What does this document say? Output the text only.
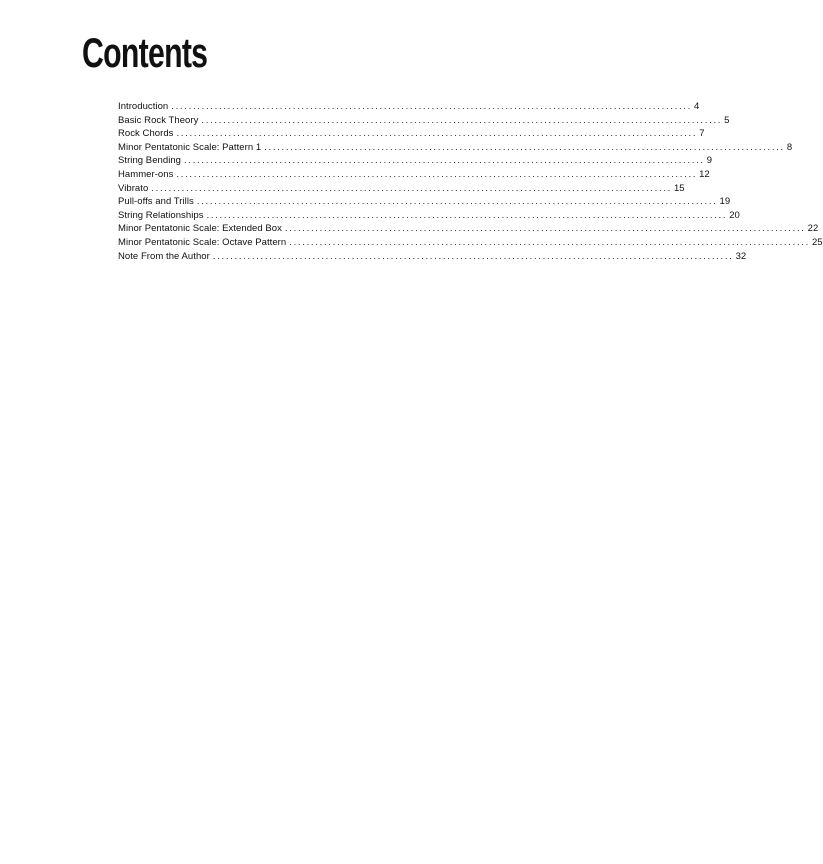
Contents
Introduction ........................................................................................................................ 4
Basic Rock Theory ........................................................................................................................ 5
Rock Chords ........................................................................................................................ 7
Minor Pentatonic Scale: Pattern 1 ........................................................................................................................ 8
String Bending ........................................................................................................................ 9
Hammer-ons ........................................................................................................................ 12
Vibrato ........................................................................................................................ 15
Pull-offs and Trills ........................................................................................................................ 19
String Relationships ........................................................................................................................ 20
Minor Pentatonic Scale: Extended Box ........................................................................................................................ 22
Minor Pentatonic Scale: Octave Pattern ........................................................................................................................ 25
Note From the Author ........................................................................................................................ 32
